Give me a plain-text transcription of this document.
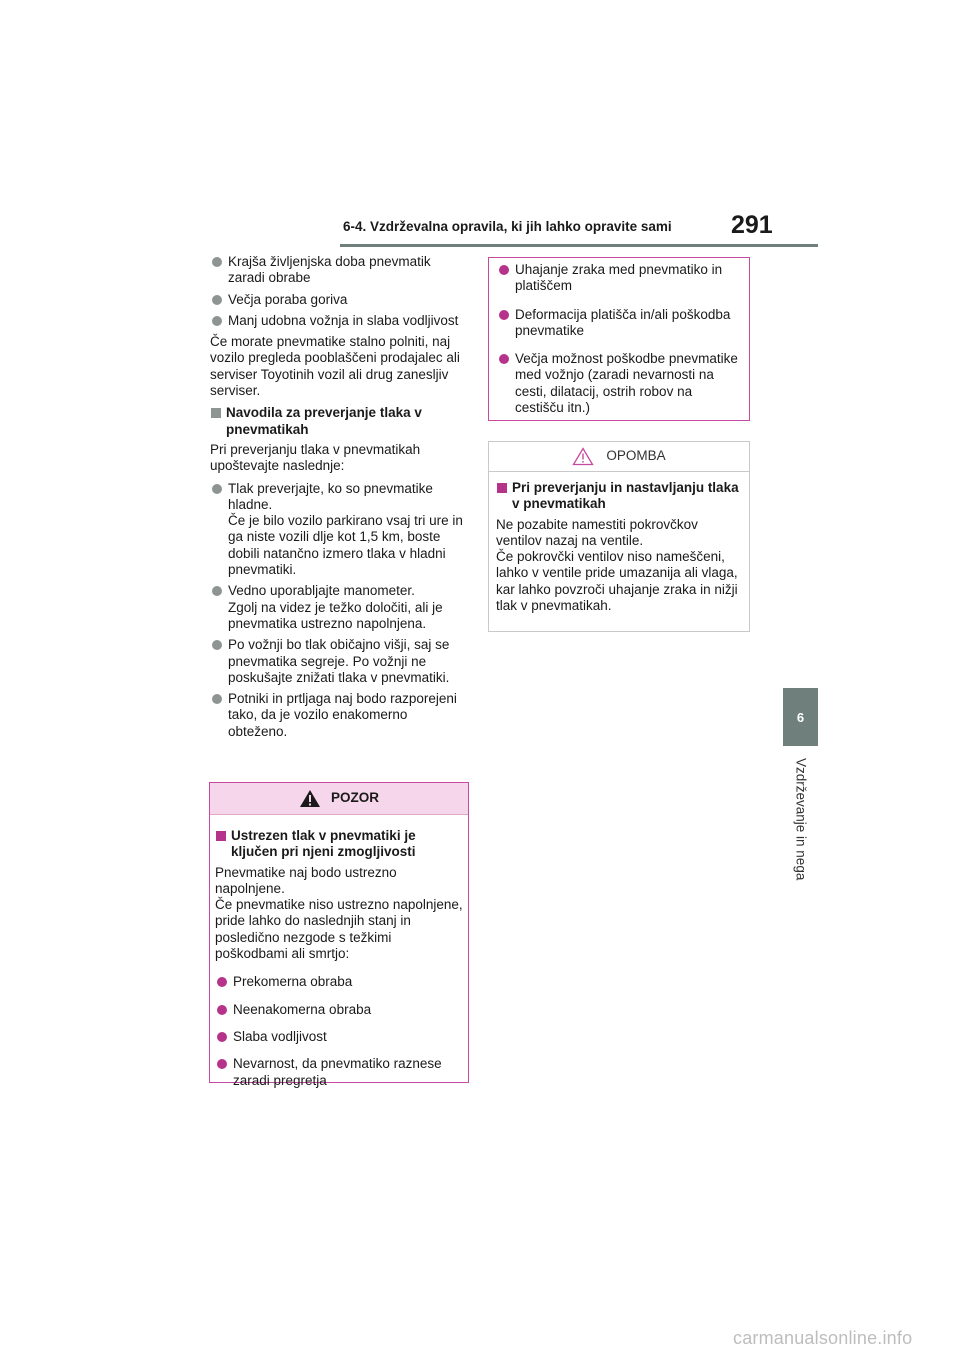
6-4. Vzdrževalna opravila, ki jih lahko opravite sami	291
6
Vzdrževanje in nega
Krajša življenjska doba pnevmatik zaradi obrabe
Večja poraba goriva
Manj udobna vožnja in slaba vodljivost

Če morate pnevmatike stalno polniti, naj vozilo pregleda pooblaščeni prodajalec ali serviser Toyotinih vozil ali drug zanesljiv serviser.

Navodila za preverjanje tlaka v pnevmatikah

Pri preverjanju tlaka v pnevmatikah upoštevajte naslednje:

Tlak preverjajte, ko so pnevmatike hladne.
Če je bilo vozilo parkirano vsaj tri ure in ga niste vozili dlje kot 1,5 km, boste dobili natančno izmero tlaka v hladni pnevmatiki.
Vedno uporabljajte manometer.
Zgolj na videz je težko določiti, ali je pnevmatika ustrezno napolnjena.
Po vožnji bo tlak običajno višji, saj se pnevmatika segreje. Po vožnji ne poskušajte znižati tlaka v pnevmatiki.
Potniki in prtljaga naj bodo razporejeni tako, da je vozilo enakomerno obteženo.
POZOR
Ustrezen tlak v pnevmatiki je ključen pri njeni zmogljivosti

Pnevmatike naj bodo ustrezno napolnjene.
Če pnevmatike niso ustrezno napolnjene, pride lahko do naslednjih stanj in posledično nezgode s težkimi poškodbami ali smrtjo:

Prekomerna obraba
Neenakomerna obraba
Slaba vodljivost
Nevarnost, da pnevmatiko raznese zaradi pregretja
Uhajanje zraka med pnevmatiko in platiščem
Deformacija platišča in/ali poškodba pnevmatike
Večja možnost poškodbe pnevmatike med vožnjo (zaradi nevarnosti na cesti, dilatacij, ostrih robov na cestišču itn.)
OPOMBA
Pri preverjanju in nastavljanju tlaka v pnevmatikah

Ne pozabite namestiti pokrovčkov ventilov nazaj na ventile.
Če pokrovčki ventilov niso nameščeni, lahko v ventile pride umazanija ali vlaga, kar lahko povzroči uhajanje zraka in nižji tlak v pnevmatikah.

carmanualsonline.info
